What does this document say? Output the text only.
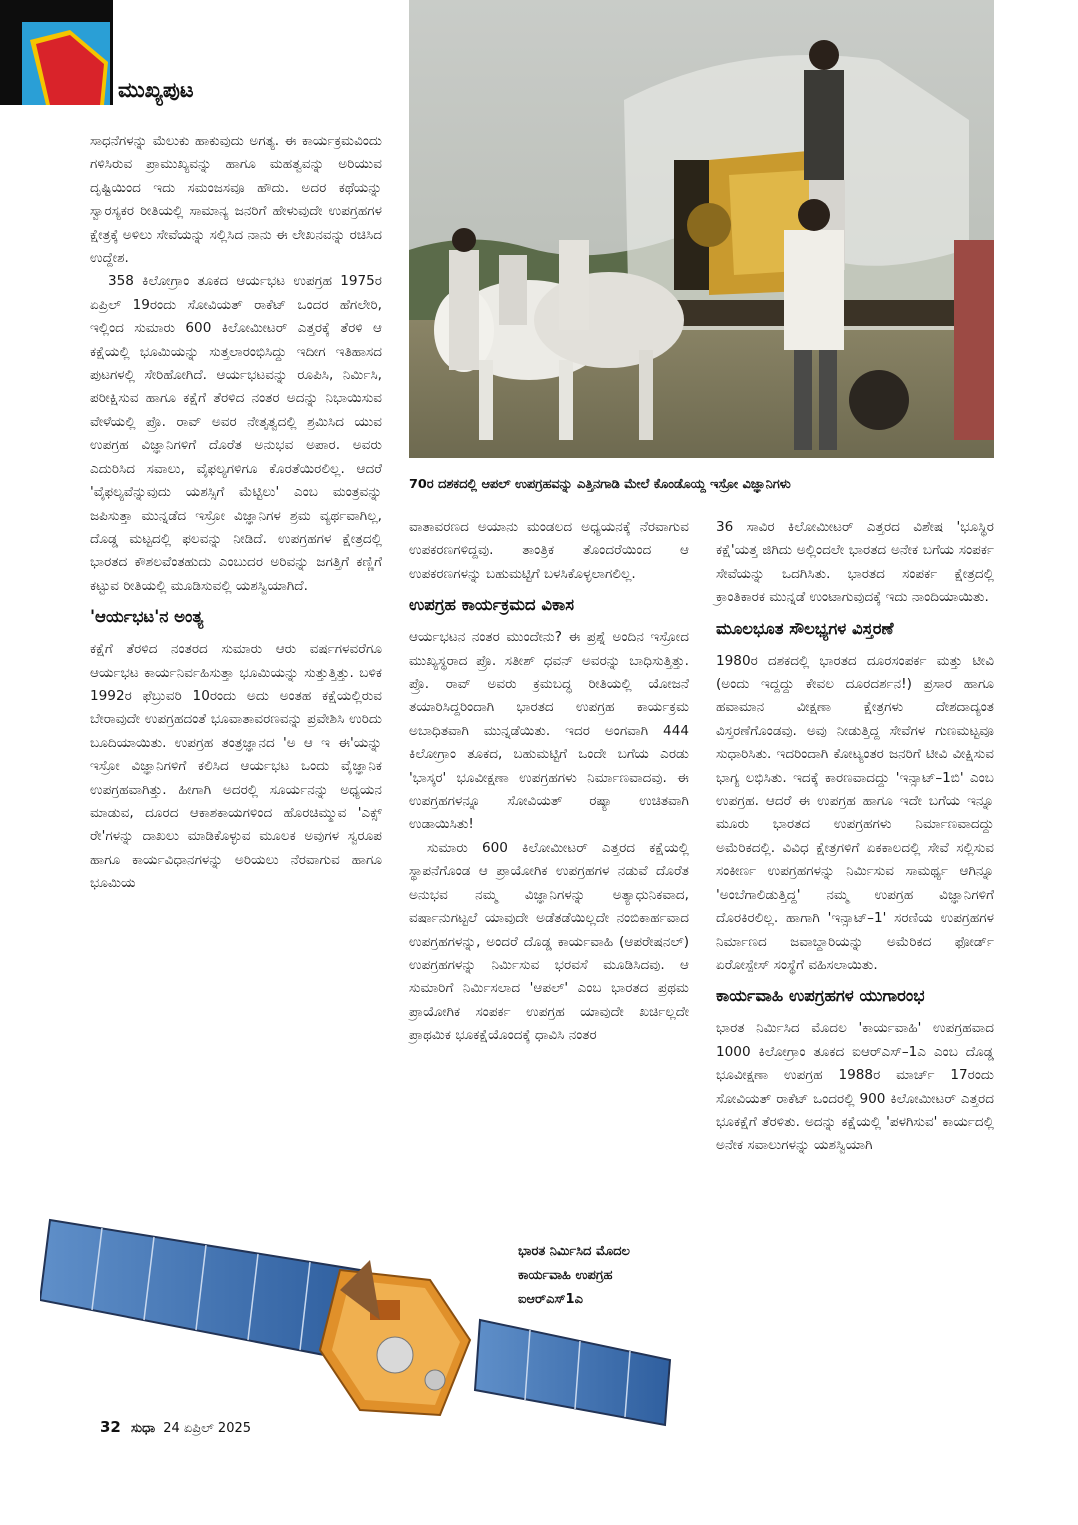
ಮುಖ್ಯಪುಟ
70ರ ದಶಕದಲ್ಲಿ ಆಪಲ್ ಉಪಗ್ರಹವನ್ನು ಎತ್ತಿನಗಾಡಿ ಮೇಲೆ ಕೊಂಡೊಯ್ದ ಇಸ್ರೋ ವಿಜ್ಞಾನಿಗಳು

ಸಾಧನೆಗಳನ್ನು ಮೆಲುಕು ಹಾಕುವುದು ಅಗತ್ಯ. ಈ ಕಾರ್ಯಕ್ರಮವಿಂದು ಗಳಿಸಿರುವ ಪ್ರಾಮುಖ್ಯವನ್ನು ಹಾಗೂ ಮಹತ್ವವನ್ನು ಅರಿಯುವ ದೃಷ್ಟಿಯಿಂದ ಇದು ಸಮಂಜಸವೂ ಹೌದು. ಅದರ ಕಥೆಯನ್ನು ಸ್ವಾರಸ್ಯಕರ ರೀತಿಯಲ್ಲಿ ಸಾಮಾನ್ಯ ಜನರಿಗೆ ಹೇಳುವುದೇ ಉಪಗ್ರಹಗಳ ಕ್ಷೇತ್ರಕ್ಕೆ ಅಳಿಲು ಸೇವೆಯನ್ನು ಸಲ್ಲಿಸಿದ ನಾನು ಈ ಲೇಖನವನ್ನು ರಚಿಸಿದ ಉದ್ದೇಶ.

358 ಕಿಲೋಗ್ರಾಂ ತೂಕದ ಆರ್ಯಭಟ ಉಪಗ್ರಹ 1975ರ ಏಪ್ರಿಲ್ 19ರಂದು ಸೋವಿಯತ್ ರಾಕೆಟ್ ಒಂದರ ಹೆಗಲೇರಿ, ಇಲ್ಲಿಂದ ಸುಮಾರು 600 ಕಿಲೋಮೀಟರ್ ಎತ್ತರಕ್ಕೆ ತೆರಳಿ ಆ ಕಕ್ಷೆಯಲ್ಲಿ ಭೂಮಿಯನ್ನು ಸುತ್ತಲಾರಂಭಿಸಿದ್ದು ಇದೀಗ ಇತಿಹಾಸದ ಪುಟಗಳಲ್ಲಿ ಸೇರಿಹೋಗಿದೆ. ಆರ್ಯಭಟವನ್ನು ರೂಪಿಸಿ, ನಿರ್ಮಿಸಿ, ಪರೀಕ್ಷಿಸುವ ಹಾಗೂ ಕಕ್ಷೆಗೆ ತೆರಳಿದ ನಂತರ ಅದನ್ನು ನಿಭಾಯಿಸುವ ವೇಳೆಯಲ್ಲಿ ಪ್ರೊ. ರಾವ್ ಅವರ ನೇತೃತ್ವದಲ್ಲಿ ಶ್ರಮಿಸಿದ ಯುವ ಉಪಗ್ರಹ ವಿಜ್ಞಾನಿಗಳಿಗೆ ದೊರೆತ ಅನುಭವ ಅಪಾರ. ಅವರು ಎದುರಿಸಿದ ಸವಾಲು, ವೈಫಲ್ಯಗಳಿಗೂ ಕೊರತೆಯಿರಲಿಲ್ಲ. ಆದರೆ 'ವೈಫಲ್ಯವೆನ್ನುವುದು ಯಶಸ್ಸಿಗೆ ಮೆಟ್ಟಿಲು' ಎಂಬ ಮಂತ್ರವನ್ನು ಜಪಿಸುತ್ತಾ ಮುನ್ನಡೆದ ಇಸ್ರೋ ವಿಜ್ಞಾನಿಗಳ ಶ್ರಮ ವ್ಯರ್ಥವಾಗಿಲ್ಲ, ದೊಡ್ಡ ಮಟ್ಟದಲ್ಲಿ ಫಲವನ್ನು ನೀಡಿದೆ. ಉಪಗ್ರಹಗಳ ಕ್ಷೇತ್ರದಲ್ಲಿ ಭಾರತದ ಕೌಶಲವೆಂತಹುದು ಎಂಬುದರ ಅರಿವನ್ನು ಜಗತ್ತಿಗೆ ಕಣ್ಣಿಗೆ ಕಟ್ಟುವ ರೀತಿಯಲ್ಲಿ ಮೂಡಿಸುವಲ್ಲಿ ಯಶಸ್ವಿಯಾಗಿದೆ.

'ಆರ್ಯಭಟ'ನ ಅಂತ್ಯ

ಕಕ್ಷೆಗೆ ತೆರಳಿದ ನಂತರದ ಸುಮಾರು ಆರು ವರ್ಷಗಳವರೆಗೂ ಆರ್ಯಭಟ ಕಾರ್ಯನಿರ್ವಹಿಸುತ್ತಾ ಭೂಮಿಯನ್ನು ಸುತ್ತುತ್ತಿತ್ತು. ಬಳಿಕ 1992ರ ಫೆಬ್ರುವರಿ 10ರಂದು ಅದು ಅಂತಹ ಕಕ್ಷೆಯಲ್ಲಿರುವ ಬೇರಾವುದೇ ಉಪಗ್ರಹದಂತೆ ಭೂವಾತಾವರಣವನ್ನು ಪ್ರವೇಶಿಸಿ ಉರಿದು ಬೂದಿಯಾಯಿತು. ಉಪಗ್ರಹ ತಂತ್ರಜ್ಞಾನದ 'ಅ ಆ ಇ ಈ'ಯನ್ನು ಇಸ್ರೋ ವಿಜ್ಞಾನಿಗಳಿಗೆ ಕಲಿಸಿದ ಆರ್ಯಭಟ ಒಂದು ವೈಜ್ಞಾನಿಕ ಉಪಗ್ರಹವಾಗಿತ್ತು. ಹೀಗಾಗಿ ಅದರಲ್ಲಿ ಸೂರ್ಯನನ್ನು ಅಧ್ಯಯನ ಮಾಡುವ, ದೂರದ ಆಕಾಶಕಾಯಗಳಿಂದ ಹೊರಚಿಮ್ಮುವ 'ಎಕ್ಸ್ ರೇ'ಗಳನ್ನು ದಾಖಲು ಮಾಡಿಕೊಳ್ಳುವ ಮೂಲಕ ಅವುಗಳ ಸ್ವರೂಪ ಹಾಗೂ ಕಾರ್ಯವಿಧಾನಗಳನ್ನು ಅರಿಯಲು ನೆರವಾಗುವ ಹಾಗೂ ಭೂಮಿಯ

ವಾತಾವರಣದ ಅಯಾನು ಮಂಡಲದ ಅಧ್ಯಯನಕ್ಕೆ ನೆರವಾಗುವ ಉಪಕರಣಗಳಿದ್ದವು. ತಾಂತ್ರಿಕ ತೊಂದರೆಯಿಂದ ಆ ಉಪಕರಣಗಳನ್ನು ಬಹುಮಟ್ಟಿಗೆ ಬಳಸಿಕೊಳ್ಳಲಾಗಲಿಲ್ಲ.

ಉಪಗ್ರಹ ಕಾರ್ಯಕ್ರಮದ ವಿಕಾಸ

ಆರ್ಯಭಟನ ನಂತರ ಮುಂದೇನು? ಈ ಪ್ರಶ್ನೆ ಅಂದಿನ ಇಸ್ರೋದ ಮುಖ್ಯಸ್ಥರಾದ ಪ್ರೊ. ಸತೀಶ್ ಧವನ್ ಅವರನ್ನು ಬಾಧಿಸುತ್ತಿತ್ತು. ಪ್ರೊ. ರಾವ್ ಅವರು ಕ್ರಮಬದ್ಧ ರೀತಿಯಲ್ಲಿ ಯೋಜನೆ ತಯಾರಿಸಿದ್ದರಿಂದಾಗಿ ಭಾರತದ ಉಪಗ್ರಹ ಕಾರ್ಯಕ್ರಮ ಅಬಾಧಿತವಾಗಿ ಮುನ್ನಡೆಯಿತು. ಇದರ ಅಂಗವಾಗಿ 444 ಕಿಲೋಗ್ರಾಂ ತೂಕದ, ಬಹುಮಟ್ಟಿಗೆ ಒಂದೇ ಬಗೆಯ ಎರಡು 'ಭಾಸ್ಕರ' ಭೂವೀಕ್ಷಣಾ ಉಪಗ್ರಹಗಳು ನಿರ್ಮಾಣವಾದವು. ಈ ಉಪಗ್ರಹಗಳನ್ನೂ ಸೋವಿಯತ್ ರಷ್ಯಾ ಉಚಿತವಾಗಿ ಉಡಾಯಿಸಿತು!

ಸುಮಾರು 600 ಕಿಲೋಮೀಟರ್ ಎತ್ತರದ ಕಕ್ಷೆಯಲ್ಲಿ ಸ್ಥಾಪನೆಗೊಂಡ ಆ ಪ್ರಾಯೋಗಿಕ ಉಪಗ್ರಹಗಳ ನಡುವೆ ದೊರೆತ ಅನುಭವ ನಮ್ಮ ವಿಜ್ಞಾನಿಗಳನ್ನು ಅತ್ಯಾಧುನಿಕವಾದ, ವರ್ಷಾನುಗಟ್ಟಲೆ ಯಾವುದೇ ಅಡೆತಡೆಯಿಲ್ಲದೇ ನಂಬಿಕಾರ್ಹವಾದ ಉಪಗ್ರಹಗಳನ್ನು, ಅಂದರೆ ದೊಡ್ಡ ಕಾರ್ಯವಾಹಿ (ಆಪರೇಷನಲ್) ಉಪಗ್ರಹಗಳನ್ನು ನಿರ್ಮಿಸುವ ಭರವಸೆ ಮೂಡಿಸಿದವು. ಆ ಸುಮಾರಿಗೆ ನಿರ್ಮಿಸಲಾದ 'ಆಪಲ್' ಎಂಬ ಭಾರತದ ಪ್ರಥಮ ಪ್ರಾಯೋಗಿಕ ಸಂಪರ್ಕ ಉಪಗ್ರಹ ಯಾವುದೇ ಖರ್ಚಿಲ್ಲದೇ ಪ್ರಾಥಮಿಕ ಭೂಕಕ್ಷೆಯೊಂದಕ್ಕೆ ಧಾವಿಸಿ ನಂತರ

36 ಸಾವಿರ ಕಿಲೋಮೀಟರ್ ಎತ್ತರದ ವಿಶೇಷ 'ಭೂಸ್ಥಿರ ಕಕ್ಷೆ'ಯತ್ತ ಜಿಗಿದು ಅಲ್ಲಿಂದಲೇ ಭಾರತದ ಅನೇಕ ಬಗೆಯ ಸಂಪರ್ಕ ಸೇವೆಯನ್ನು ಒದಗಿಸಿತು. ಭಾರತದ ಸಂಪರ್ಕ ಕ್ಷೇತ್ರದಲ್ಲಿ ಕ್ರಾಂತಿಕಾರಕ ಮುನ್ನಡೆ ಉಂಟಾಗುವುದಕ್ಕೆ ಇದು ನಾಂದಿಯಾಯಿತು.

ಮೂಲಭೂತ ಸೌಲಭ್ಯಗಳ ವಿಸ್ತರಣೆ

1980ರ ದಶಕದಲ್ಲಿ ಭಾರತದ ದೂರಸಂಪರ್ಕ ಮತ್ತು ಟೀವಿ (ಅಂದು ಇದ್ದದ್ದು ಕೇವಲ ದೂರದರ್ಶನ!) ಪ್ರಸಾರ ಹಾಗೂ ಹವಾಮಾನ ವೀಕ್ಷಣಾ ಕ್ಷೇತ್ರಗಳು ದೇಶದಾದ್ಯಂತ ವಿಸ್ತರಣೆಗೊಂಡವು. ಅವು ನೀಡುತ್ತಿದ್ದ ಸೇವೆಗಳ ಗುಣಮಟ್ಟವೂ ಸುಧಾರಿಸಿತು. ಇದರಿಂದಾಗಿ ಕೋಟ್ಯಂತರ ಜನರಿಗೆ ಟೀವಿ ವೀಕ್ಷಿಸುವ ಭಾಗ್ಯ ಲಭಿಸಿತು. ಇದಕ್ಕೆ ಕಾರಣವಾದದ್ದು 'ಇನ್ಸಾಟ್–1ಬಿ' ಎಂಬ ಉಪಗ್ರಹ. ಆದರೆ ಈ ಉಪಗ್ರಹ ಹಾಗೂ ಇದೇ ಬಗೆಯ ಇನ್ನೂ ಮೂರು ಭಾರತದ ಉಪಗ್ರಹಗಳು ನಿರ್ಮಾಣವಾದದ್ದು ಅಮೆರಿಕದಲ್ಲಿ. ವಿವಿಧ ಕ್ಷೇತ್ರಗಳಿಗೆ ಏಕಕಾಲದಲ್ಲಿ ಸೇವೆ ಸಲ್ಲಿಸುವ ಸಂಕೀರ್ಣ ಉಪಗ್ರಹಗಳನ್ನು ನಿರ್ಮಿಸುವ ಸಾಮರ್ಥ್ಯ ಆಗಿನ್ನೂ 'ಅಂಬೆಗಾಲಿಡುತ್ತಿದ್ದ' ನಮ್ಮ ಉಪಗ್ರಹ ವಿಜ್ಞಾನಿಗಳಿಗೆ ದೊರಕಿರಲಿಲ್ಲ. ಹಾಗಾಗಿ 'ಇನ್ಸಾಟ್–1' ಸರಣಿಯ ಉಪಗ್ರಹಗಳ ನಿರ್ಮಾಣದ ಜವಾಬ್ದಾರಿಯನ್ನು ಅಮೆರಿಕದ ಫೋರ್ಡ್ ಏರೋಸ್ಪೇಸ್ ಸಂಸ್ಥೆಗೆ ವಹಿಸಲಾಯಿತು.

ಕಾರ್ಯವಾಹಿ ಉಪಗ್ರಹಗಳ ಯುಗಾರಂಭ

ಭಾರತ ನಿರ್ಮಿಸಿದ ಮೊದಲ 'ಕಾರ್ಯವಾಹಿ' ಉಪಗ್ರಹವಾದ 1000 ಕಿಲೋಗ್ರಾಂ ತೂಕದ ಐಆರ್‌ಎಸ್–1ಎ ಎಂಬ ದೊಡ್ಡ ಭೂವೀಕ್ಷಣಾ ಉಪಗ್ರಹ 1988ರ ಮಾರ್ಚ್ 17ರಂದು ಸೋವಿಯತ್ ರಾಕೆಟ್ ಒಂದರಲ್ಲಿ 900 ಕಿಲೋಮೀಟರ್ ಎತ್ತರದ ಭೂಕಕ್ಷೆಗೆ ತೆರಳಿತು. ಅದನ್ನು ಕಕ್ಷೆಯಲ್ಲಿ 'ಪಳಗಿಸುವ' ಕಾರ್ಯದಲ್ಲಿ ಅನೇಕ ಸವಾಲುಗಳನ್ನು ಯಶಸ್ವಿಯಾಗಿ

ಭಾರತ ನಿರ್ಮಿಸಿದ ಮೊದಲ
ಕಾರ್ಯವಾಹಿ ಉಪಗ್ರಹ
ಐಆರ್‌ಎಸ್1ಎ
32 ಸುಧಾ 24 ಏಪ್ರಿಲ್ 2025
